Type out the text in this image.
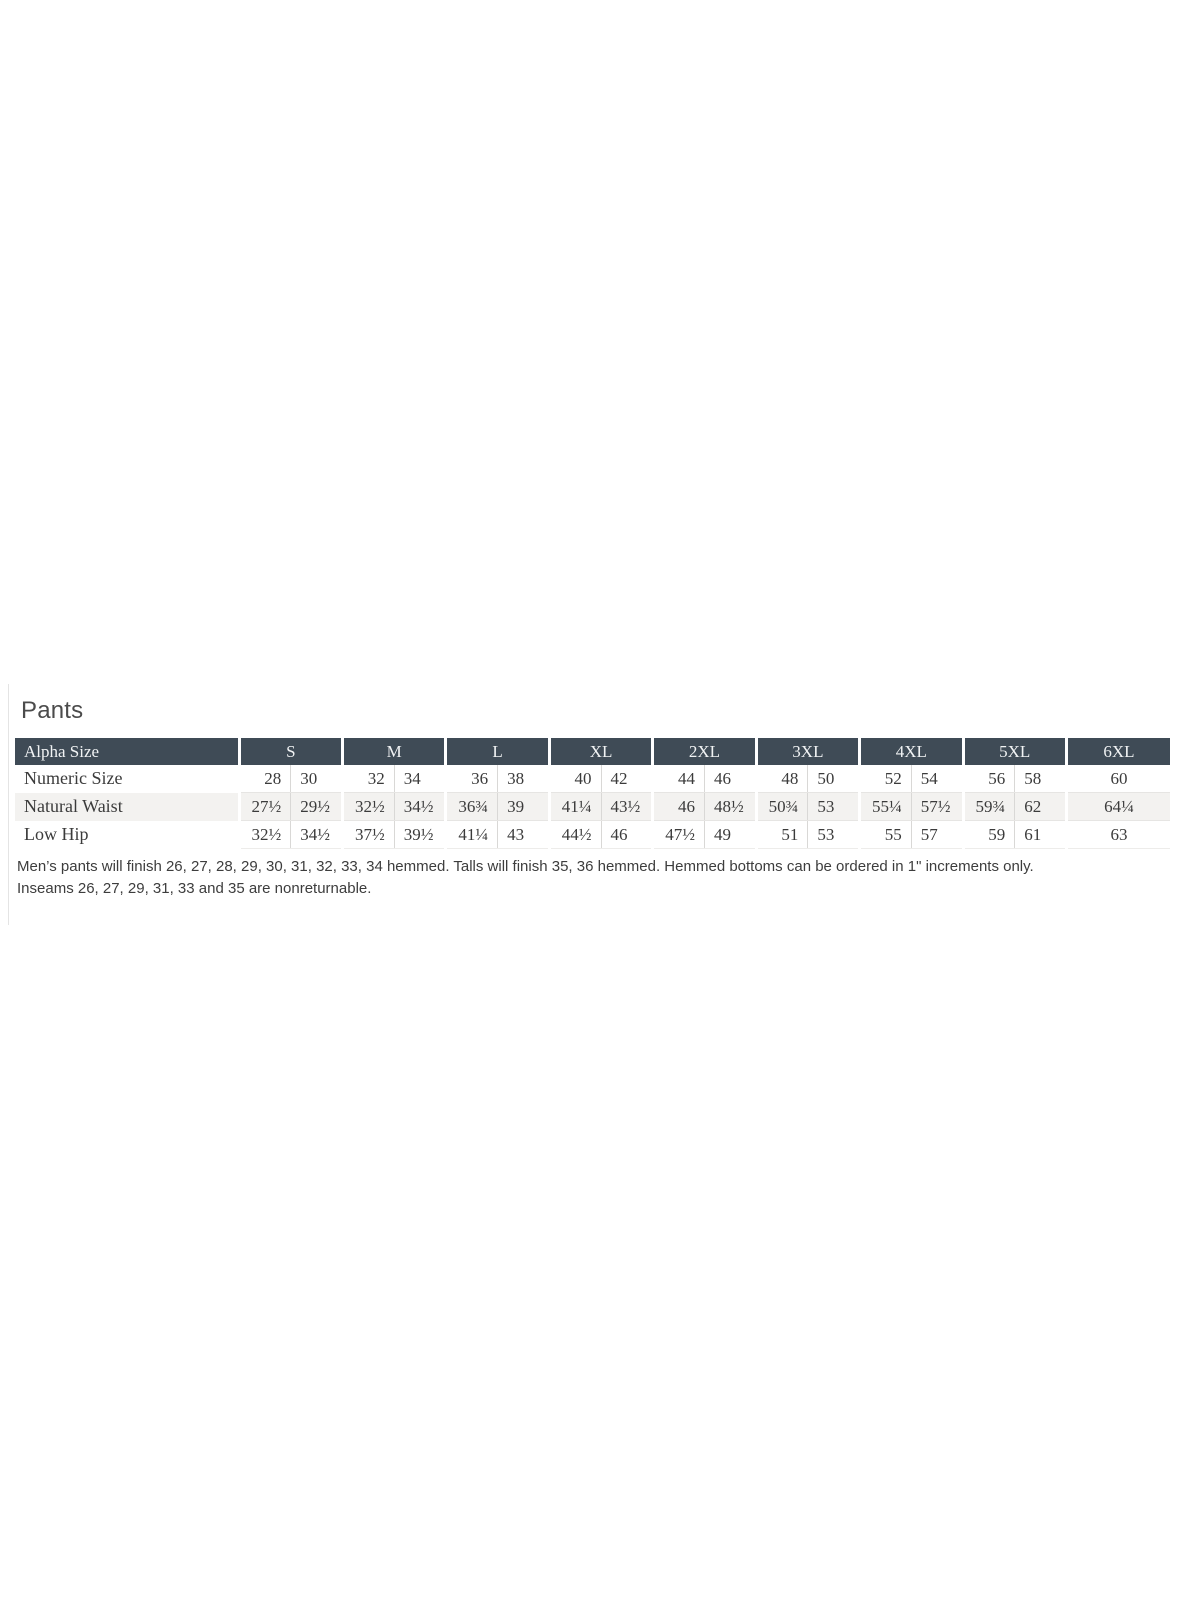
Pants
Alpha Size	S		M		L		XL		2XL		3XL		4XL		5XL		6XL
Numeric Size	28	30	32	34	36	38	40	42	44	46	48	50	52	54	56	58	60
Natural Waist	27½	29½	32½	34½	36¾	39	41¼	43½	46	48½	50¾	53	55¼	57½	59¾	62	64¼
Low Hip	32½	34½	37½	39½	41¼	43	44½	46	47½	49	51	53	55	57	59	61	63
Men’s pants will finish 26, 27, 28, 29, 30, 31, 32, 33, 34 hemmed. Talls will finish 35, 36 hemmed. Hemmed bottoms can be ordered in 1" increments only.
Inseams 26, 27, 29, 31, 33 and 35 are nonreturnable.
